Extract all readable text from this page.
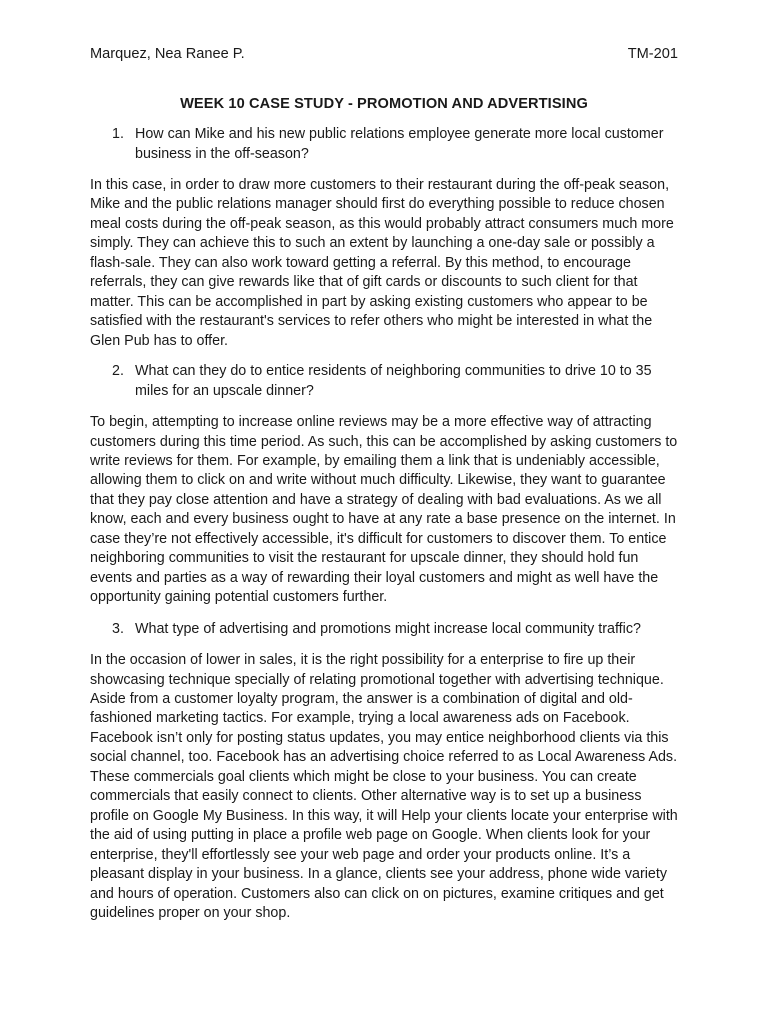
Marquez, Nea Ranee P.	TM-201
WEEK 10 CASE STUDY - PROMOTION AND ADVERTISING
1. How can Mike and his new public relations employee generate more local customer business in the off-season?

In this case, in order to draw more customers to their restaurant during the off-peak season, Mike and the public relations manager should first do everything possible to reduce chosen meal costs during the off-peak season, as this would probably attract consumers much more simply. They can achieve this to such an extent by launching a one-day sale or possibly a flash-sale. They can also work toward getting a referral. By this method, to encourage referrals, they can give rewards like that of gift cards or discounts to such client for that matter. This can be accomplished in part by asking existing customers who appear to be satisfied with the restaurant's services to refer others who might be interested in what the Glen Pub has to offer.

2. What can they do to entice residents of neighboring communities to drive 10 to 35 miles for an upscale dinner?

To begin, attempting to increase online reviews may be a more effective way of attracting customers during this time period. As such, this can be accomplished by asking customers to write reviews for them. For example, by emailing them a link that is undeniably accessible, allowing them to click on and write without much difficulty. Likewise, they want to guarantee that they pay close attention and have a strategy of dealing with bad evaluations. As we all know, each and every business ought to have at any rate a base presence on the internet. In case they’re not effectively accessible, it's difficult for customers to discover them. To entice neighboring communities to visit the restaurant for upscale dinner, they should hold fun events and parties as a way of rewarding their loyal customers and might as well have the opportunity gaining potential customers further.

3. What type of advertising and promotions might increase local community traffic?

In the occasion of lower in sales, it is the right possibility for a enterprise to fire up their showcasing technique specially of relating promotional together with advertising technique. Aside from a customer loyalty program, the answer is a combination of digital and old-fashioned marketing tactics. For example, trying a local awareness ads on Facebook. Facebook isn’t only for posting status updates, you may entice neighborhood clients via this social channel, too. Facebook has an advertising choice referred to as Local Awareness Ads. These commercials goal clients which might be close to your business. You can create commercials that easily connect to clients. Other alternative way is to set up a business profile on Google My Business. In this way, it will Help your clients locate your enterprise with the aid of using putting in place a profile web page on Google. When clients look for your enterprise, they'll effortlessly see your web page and order your products online. It’s a pleasant display in your business. In a glance, clients see your address, phone wide variety and hours of operation. Customers also can click on on pictures, examine critiques and get guidelines proper on your shop.
